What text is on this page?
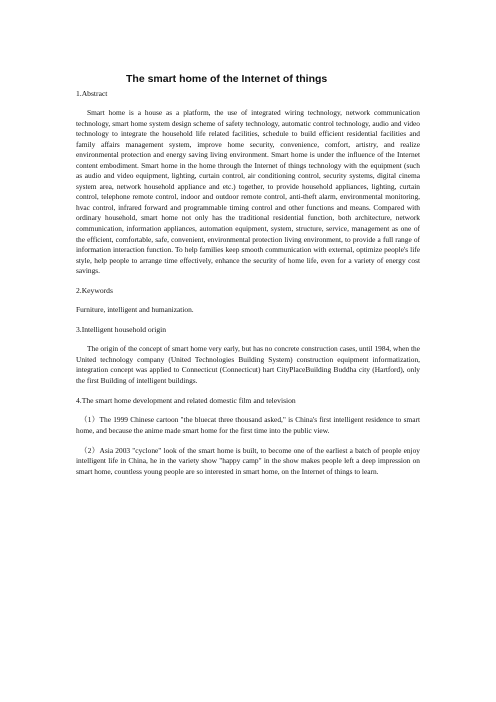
The smart home of the Internet of things

1.Abstract

Smart home is a house as a platform, the use of integrated wiring technology, network communication technology, smart home system design scheme of safety technology, automatic control technology, audio and video technology to integrate the household life related facilities, schedule to build efficient residential facilities and family affairs management system, improve home security, convenience, comfort, artistry, and realize environmental protection and energy saving living environment. Smart home is under the influence of the Internet content embodiment. Smart home in the home through the Internet of things technology with the equipment (such as audio and video equipment, lighting, curtain control, air conditioning control, security systems, digital cinema system area, network household appliance and etc.) together, to provide household appliances, lighting, curtain control, telephone remote control, indoor and outdoor remote control, anti-theft alarm, environmental monitoring, hvac control, infrared forward and programmable timing control and other functions and means. Compared with ordinary household, smart home not only has the traditional residential function, both architecture, network communication, information appliances, automation equipment, system, structure, service, management as one of the efficient, comfortable, safe, convenient, environmental protection living environment, to provide a full range of information interaction function. To help families keep smooth communication with external, optimize people's life style, help people to arrange time effectively, enhance the security of home life, even for a variety of energy cost savings.

2.Keywords

Furniture, intelligent and humanization.

3.Intelligent household origin

The origin of the concept of smart home very early, but has no concrete construction cases, until 1984, when the United technology company (United Technologies Building System) construction equipment informatization, integration concept was applied to Connecticut (Connecticut) hart CityPlaceBuilding Buddha city (Hartford), only the first Building of intelligent buildings.

4.The smart home development and related domestic film and television

（1）The 1999 Chinese cartoon "the bluecat three thousand asked," is China's first intelligent residence to smart home, and because the anime made smart home for the first time into the public view.

（2）Asia 2003 "cyclone" look of the smart home is built, to become one of the earliest a batch of people enjoy intelligent life in China, he in the variety show "happy camp" in the show makes people left a deep impression on smart home, countless young people are so interested in smart home, on the Internet of things to learn.
